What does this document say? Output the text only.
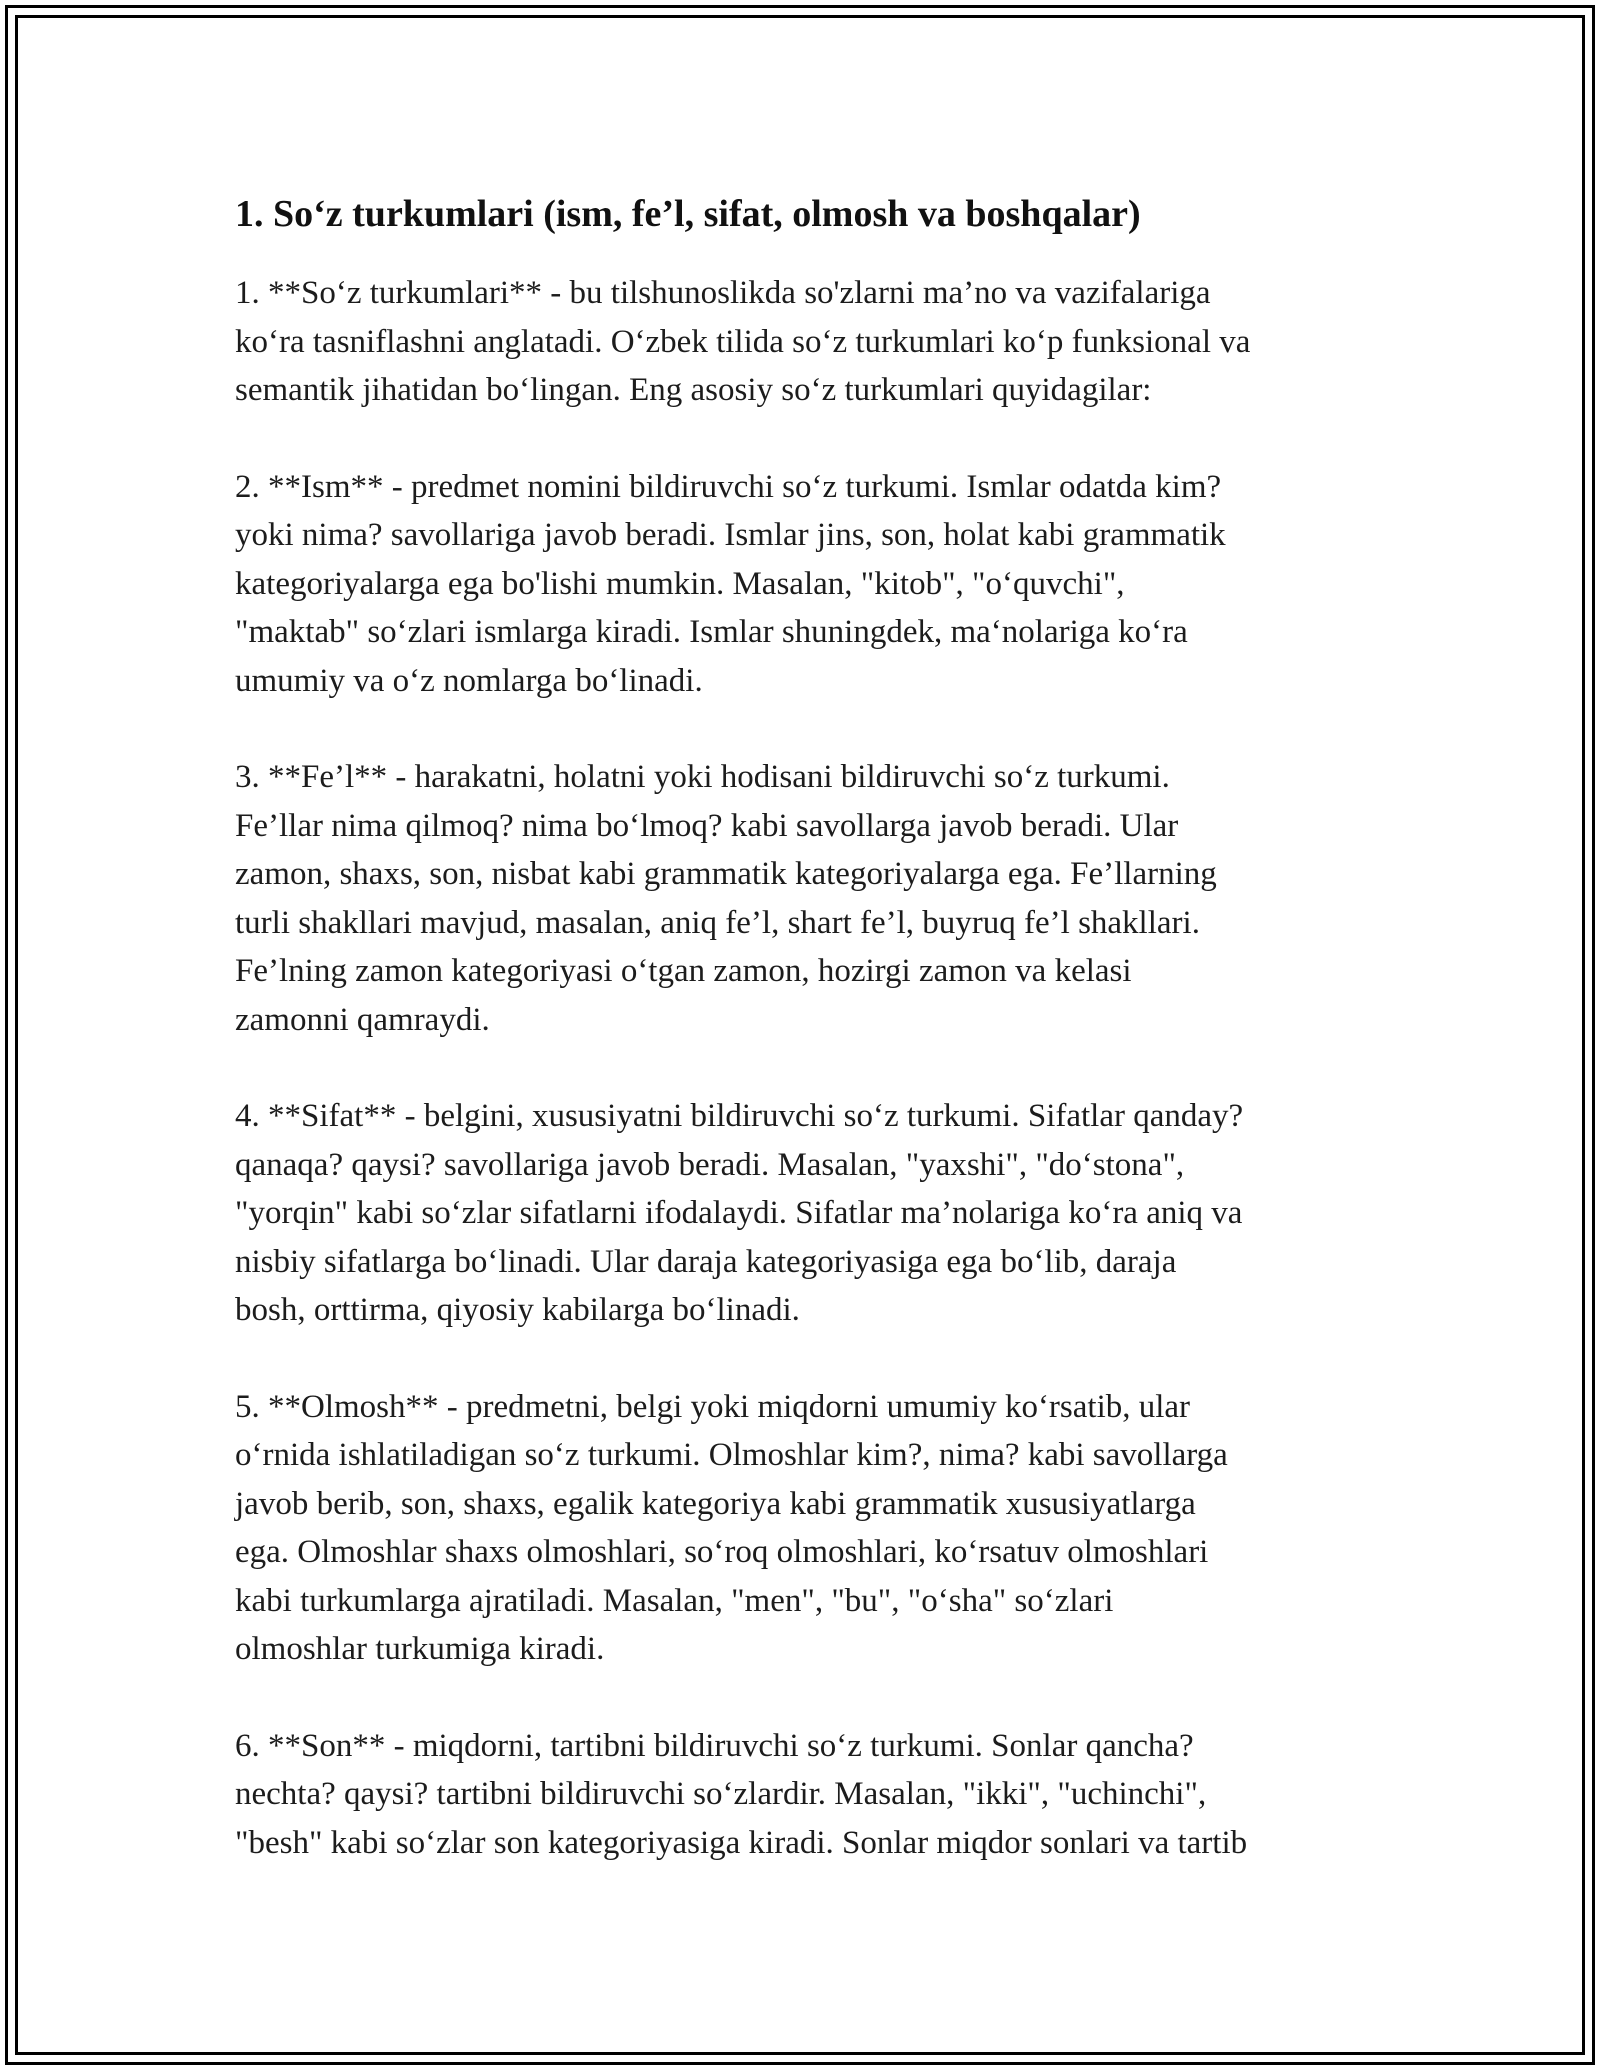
1. So‘z turkumlari (ism, fe’l, sifat, olmosh va boshqalar)

1. **So‘z turkumlari** - bu tilshunoslikda so'zlarni ma’no va vazifalariga
ko‘ra tasniflashni anglatadi. O‘zbek tilida so‘z turkumlari ko‘p funksional va
semantik jihatidan bo‘lingan. Eng asosiy so‘z turkumlari quyidagilar:

2. **Ism** - predmet nomini bildiruvchi so‘z turkumi. Ismlar odatda kim?
yoki nima? savollariga javob beradi. Ismlar jins, son, holat kabi grammatik
kategoriyalarga ega bo'lishi mumkin. Masalan, "kitob", "o‘quvchi",
"maktab" so‘zlari ismlarga kiradi. Ismlar shuningdek, ma‘nolariga ko‘ra
umumiy va o‘z nomlarga bo‘linadi.

3. **Fe’l** - harakatni, holatni yoki hodisani bildiruvchi so‘z turkumi.
Fe’llar nima qilmoq? nima bo‘lmoq? kabi savollarga javob beradi. Ular
zamon, shaxs, son, nisbat kabi grammatik kategoriyalarga ega. Fe’llarning
turli shakllari mavjud, masalan, aniq fe’l, shart fe’l, buyruq fe’l shakllari.
Fe’lning zamon kategoriyasi o‘tgan zamon, hozirgi zamon va kelasi
zamonni qamraydi.

4. **Sifat** - belgini, xususiyatni bildiruvchi so‘z turkumi. Sifatlar qanday?
qanaqa? qaysi? savollariga javob beradi. Masalan, "yaxshi", "do‘stona",
"yorqin" kabi so‘zlar sifatlarni ifodalaydi. Sifatlar ma’nolariga ko‘ra aniq va
nisbiy sifatlarga bo‘linadi. Ular daraja kategoriyasiga ega bo‘lib, daraja
bosh, orttirma, qiyosiy kabilarga bo‘linadi.

5. **Olmosh** - predmetni, belgi yoki miqdorni umumiy ko‘rsatib, ular
o‘rnida ishlatiladigan so‘z turkumi. Olmoshlar kim?, nima? kabi savollarga
javob berib, son, shaxs, egalik kategoriya kabi grammatik xususiyatlarga
ega. Olmoshlar shaxs olmoshlari, so‘roq olmoshlari, ko‘rsatuv olmoshlari
kabi turkumlarga ajratiladi. Masalan, "men", "bu", "o‘sha" so‘zlari
olmoshlar turkumiga kiradi.

6. **Son** - miqdorni, tartibni bildiruvchi so‘z turkumi. Sonlar qancha?
nechta? qaysi? tartibni bildiruvchi so‘zlardir. Masalan, "ikki", "uchinchi",
"besh" kabi so‘zlar son kategoriyasiga kiradi. Sonlar miqdor sonlari va tartib
